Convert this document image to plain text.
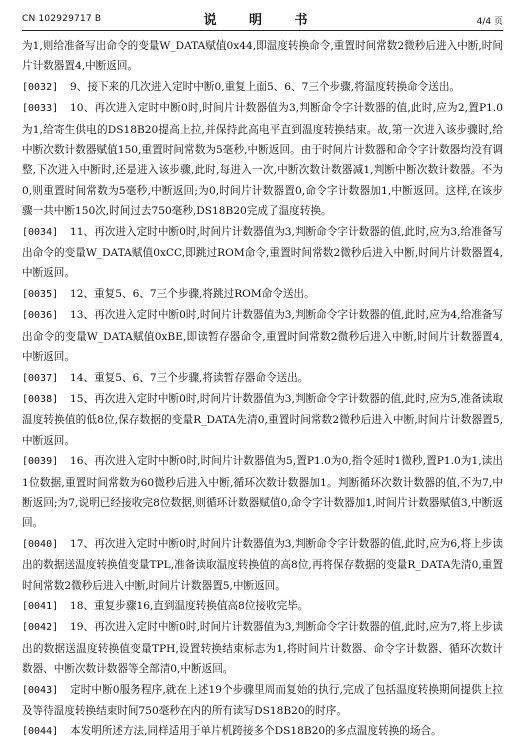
CN 102929717 B	说 明 书	4/4 页

为1,则给准备写出命令的变量W_DATA赋值0x44,即温度转换命令,重置时间常数2微秒后进入中断,时间片计数器置4,中断返回。

[0032] 9、接下来的几次进入定时中断0,重复上面5、6、7三个步骤,将温度转换命令送出。

[0033] 10、再次进入定时中断0时,时间片计数器值为3,判断命令字计数器的值,此时,应为2,置P1.0为1,给寄生供电的DS18B20提高上拉,并保持此高电平直到温度转换结束。故,第一次进入该步骤时,给中断次数计数器赋值150,重置时间常数为5毫秒,中断返回。由于时间片计数器和命令字计数器均没有调整,下次进入中断时,还是进入该步骤,此时,每进入一次,中断次数计数器减1,判断中断次数计数器。不为0,则重置时间常数为5毫秒,中断返回;为0,时间片计数器置0,命令字计数器加1,中断返回。这样,在该步骤一共中断150次,时间过去750毫秒,DS18B20完成了温度转换。

[0034] 11、再次进入定时中断0时,时间片计数器值为3,判断命令字计数器的值,此时,应为3,给准备写出命令的变量W_DATA赋值0xCC,即跳过ROM命令,重置时间常数2微秒后进入中断,时间片计数器置4,中断返回。

[0035] 12、重复5、6、7三个步骤,将跳过ROM命令送出。

[0036] 13、再次进入定时中断0时,时间片计数器值为3,判断命令字计数器的值,此时,应为4,给准备写出命令的变量W_DATA赋值0xBE,即读暂存器命令,重置时间常数2微秒后进入中断,时间片计数器置4,中断返回。

[0037] 14、重复5、6、7三个步骤,将读暂存器命令送出。

[0038] 15、再次进入定时中断0时,时间片计数器值为3,判断命令字计数器的值,此时,应为5,准备读取温度转换值的低8位,保存数据的变量R_DATA先清0,重置时间常数2微秒后进入中断,时间片计数器置5,中断返回。

[0039] 16、再次进入定时中断0时,时间片计数器值为5,置P1.0为0,指令延时1微秒,置P1.0为1,读出1位数据,重置时间常数为60微秒后进入中断,循环次数计数器加1。判断循环次数计数器的值,不为7,中断返回;为7,说明已经接收完8位数据,则循环计数器赋值0,命令字计数器加1,时间片计数器赋值3,中断返回。

[0040] 17、再次进入定时中断0时,时间片计数器值为3,判断命令字计数器的值,此时,应为6,将上步读出的数据送温度转换值变量TPL,准备读取温度转换值的高8位,再将保存数据的变量R_DATA先清0,重置时间常数2微秒后进入中断,时间片计数器置5,中断返回。

[0041] 18、重复步骤16,直到温度转换值高8位接收完毕。

[0042] 19、再次进入定时中断0时,时间片计数器值为3,判断命令字计数器的值,此时,应为7,将上步读出的数据送温度转换值变量TPH,设置转换结束标志为1,将时间片计数器、命令字计数器、循环次数计数器、中断次数计数器等全部清0,中断返回。

[0043] 定时中断0服务程序,就在上述19个步骤里周而复始的执行,完成了包括温度转换期间提供上拉及等待温度转换结束时间750毫秒在内的所有读写DS18B20的时序。

[0044] 本发明所述方法,同样适用于单片机跨接多个DS18B20的多点温度转换的场合。
